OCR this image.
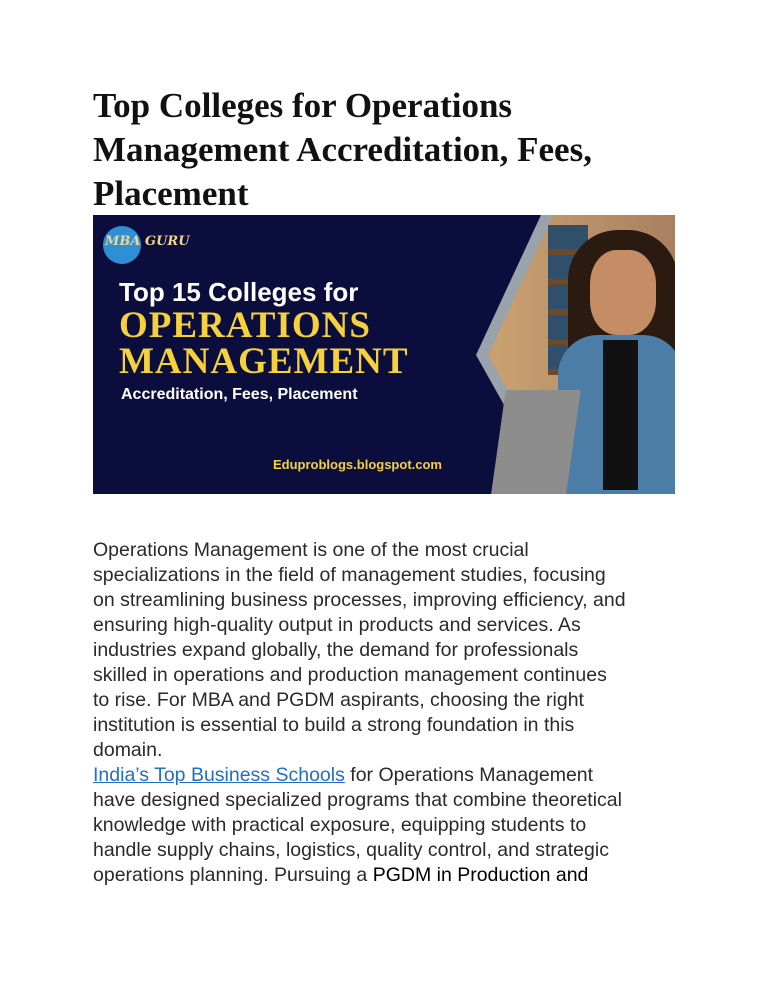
Top Colleges for Operations Management Accreditation, Fees, Placement
MBA GURU
Top 15 Colleges for
OPERATIONS
MANAGEMENT
Accreditation, Fees, Placement
Eduproblogs.blogspot.com

Operations Management is one of the most crucial
specializations in the field of management studies, focusing
on streamlining business processes, improving efficiency, and
ensuring high-quality output in products and services. As
industries expand globally, the demand for professionals
skilled in operations and production management continues
to rise. For MBA and PGDM aspirants, choosing the right
institution is essential to build a strong foundation in this
domain.

India’s Top Business Schools for Operations Management
have designed specialized programs that combine theoretical
knowledge with practical exposure, equipping students to
handle supply chains, logistics, quality control, and strategic
operations planning. Pursuing a PGDM in Production and
